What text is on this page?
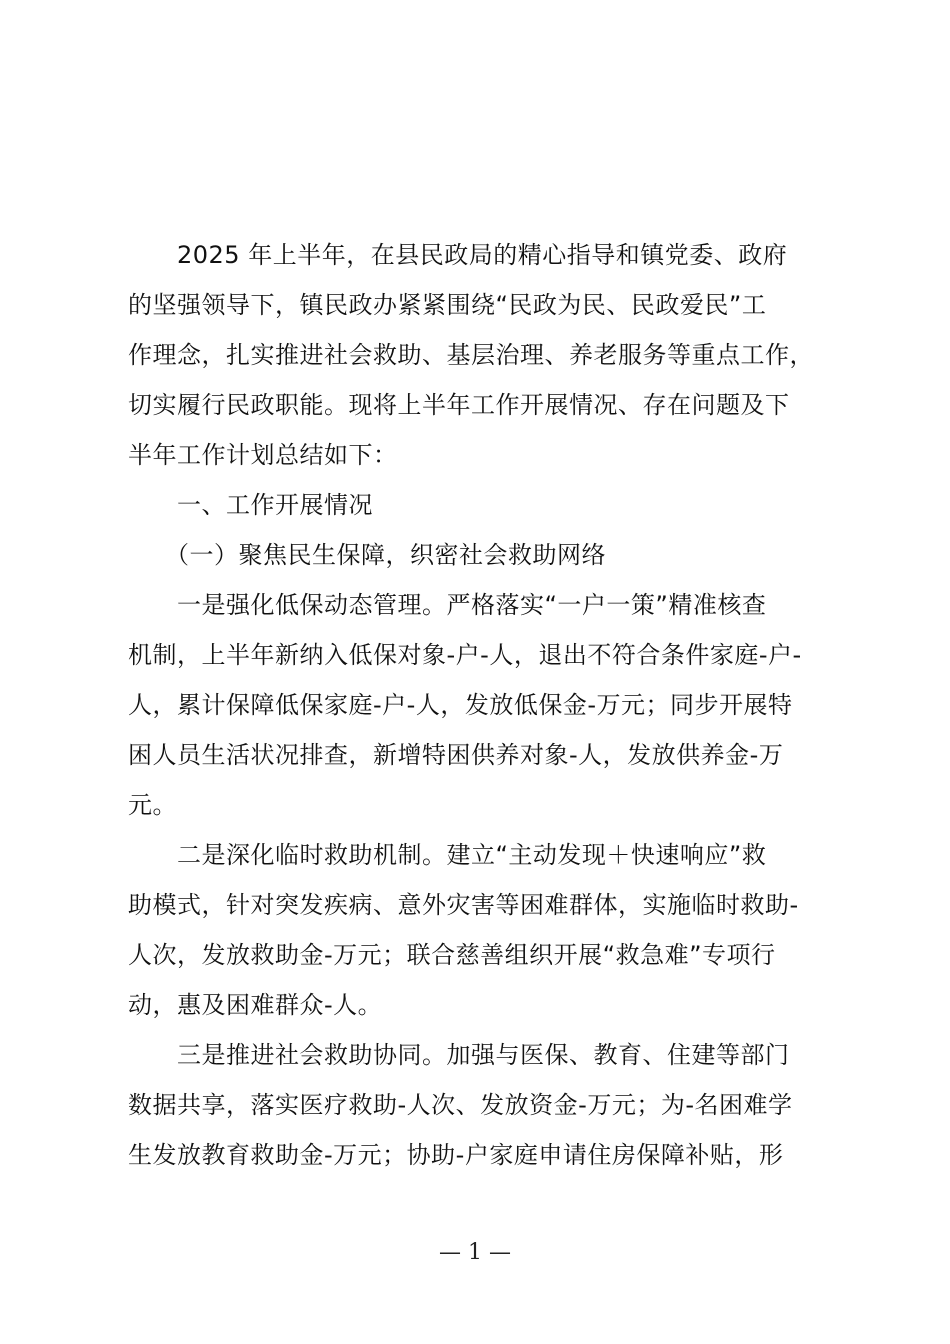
　　2025 年上半年，在县民政局的精心指导和镇党委、政府
的坚强领导下，镇民政办紧紧围绕“民政为民、民政爱民”工
作理念，扎实推进社会救助、基层治理、养老服务等重点工作，
切实履行民政职能。现将上半年工作开展情况、存在问题及下
半年工作计划总结如下：
　　一、工作开展情况
　　（一）聚焦民生保障，织密社会救助网络
　　一是强化低保动态管理。严格落实“一户一策”精准核查
机制，上半年新纳入低保对象-户-人，退出不符合条件家庭-户-
人，累计保障低保家庭-户-人，发放低保金-万元；同步开展特
困人员生活状况排查，新增特困供养对象-人，发放供养金-万
元。
　　二是深化临时救助机制。建立“主动发现＋快速响应”救
助模式，针对突发疾病、意外灾害等困难群体，实施临时救助-
人次，发放救助金-万元；联合慈善组织开展“救急难”专项行
动，惠及困难群众-人。
　　三是推进社会救助协同。加强与医保、教育、住建等部门
数据共享，落实医疗救助-人次、发放资金-万元；为-名困难学
生发放教育救助金-万元；协助-户家庭申请住房保障补贴，形
— 1 —
